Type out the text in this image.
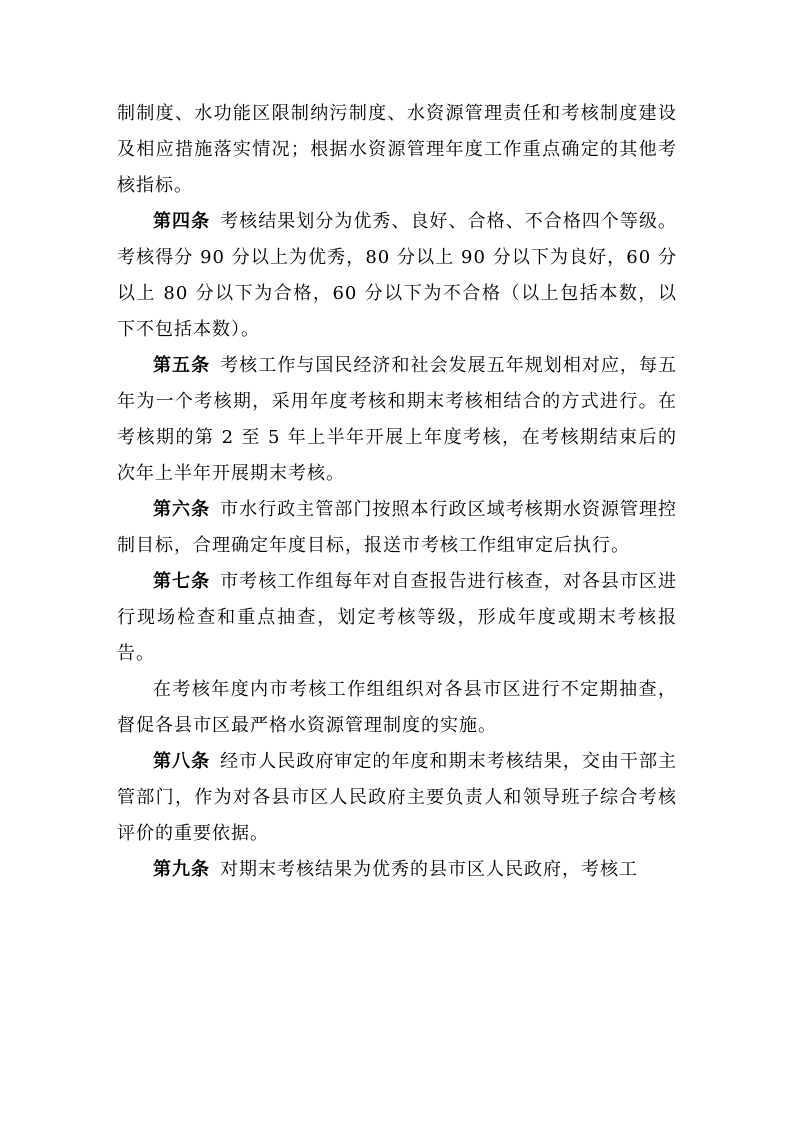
制制度、水功能区限制纳污制度、水资源管理责任和考核制度建设及相应措施落实情况；根据水资源管理年度工作重点确定的其他考核指标。

第四条 考核结果划分为优秀、良好、合格、不合格四个等级。考核得分 90 分以上为优秀，80 分以上 90 分以下为良好，60 分以上 80 分以下为合格，60 分以下为不合格（以上包括本数，以下不包括本数）。

第五条 考核工作与国民经济和社会发展五年规划相对应，每五年为一个考核期，采用年度考核和期末考核相结合的方式进行。在考核期的第 2 至 5 年上半年开展上年度考核，在考核期结束后的次年上半年开展期末考核。

第六条 市水行政主管部门按照本行政区域考核期水资源管理控制目标，合理确定年度目标，报送市考核工作组审定后执行。

第七条 市考核工作组每年对自查报告进行核查，对各县市区进行现场检查和重点抽查，划定考核等级，形成年度或期末考核报告。

在考核年度内市考核工作组组织对各县市区进行不定期抽查，督促各县市区最严格水资源管理制度的实施。

第八条 经市人民政府审定的年度和期末考核结果，交由干部主管部门，作为对各县市区人民政府主要负责人和领导班子综合考核评价的重要依据。

第九条 对期末考核结果为优秀的县市区人民政府，考核工
